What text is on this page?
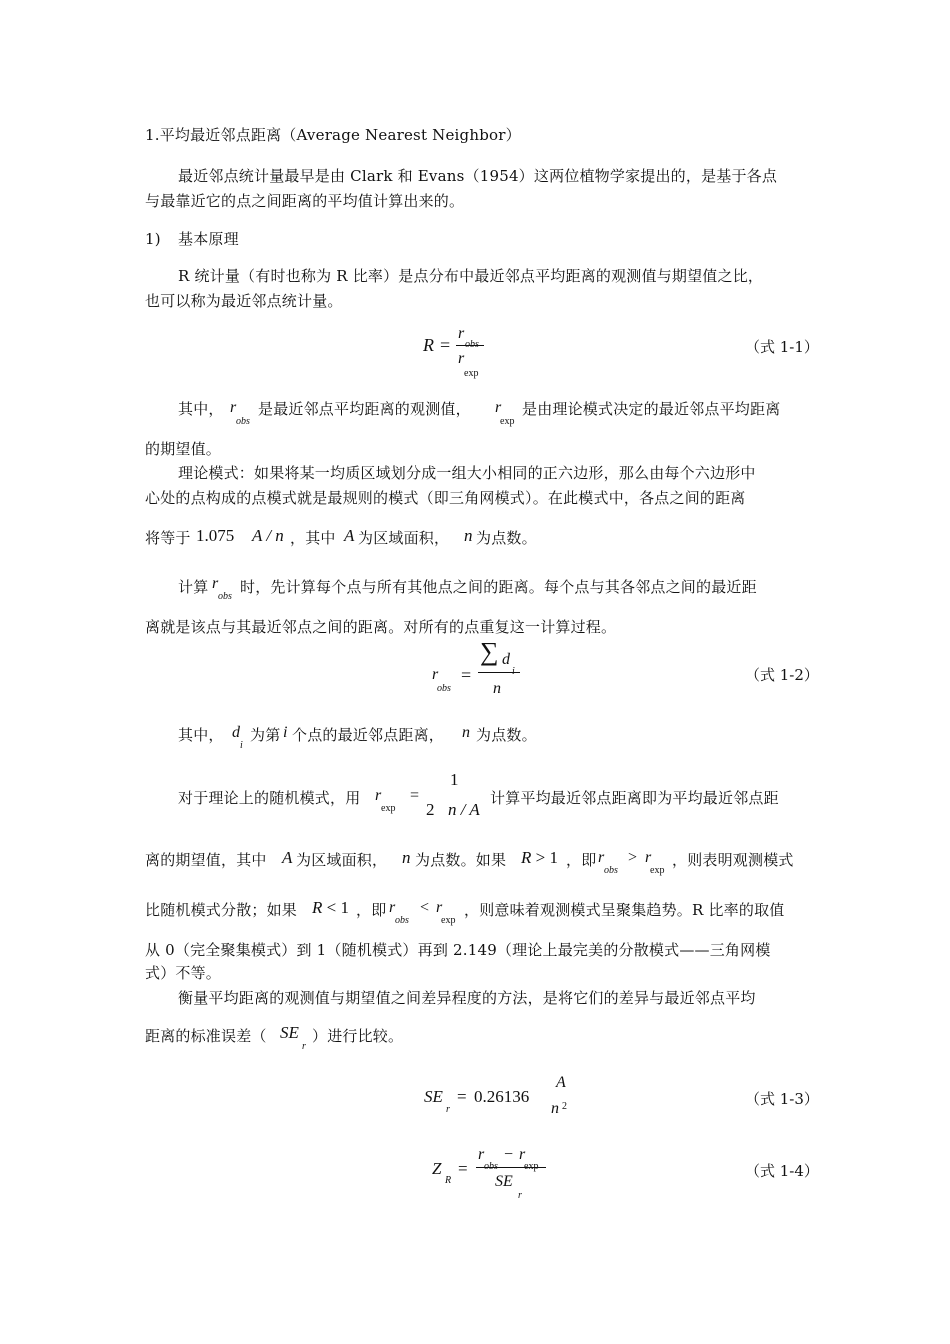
1.平均最近邻点距离（Average Nearest Neighbor）
最近邻点统计量最早是由 Clark 和 Evans（1954）这两位植物学家提出的，是基于各点
与最靠近它的点之间距离的平均值计算出来的。
1) 基本原理
R 统计量（有时也称为 R 比率）是点分布中最近邻点平均距离的观测值与期望值之比，
也可以称为最近邻点统计量。
R =
r
r
exp
（式 1-1）
其中， r
obs
是最近邻点平均距离的观测值， r
exp
是由理论模式决定的最近邻点平均距离
的期望值。
理论模式：如果将某一均质区域划分成一组大小相同的正六边形，那么由每个六边形中
心处的点构成的点模式就是最规则的模式（即三角网模式）。在此模式中，各点之间的距离
将等于 1.075 A / n ，其中 A 为区域面积， n 为点数。
计算 r
obs
时，先计算每个点与所有其他点之间的距离。每个点与其各邻点之间的最近距
离就是该点与其最近邻点之间的距离。对所有的点重复这一计算过程。
r
obs
=
∑ d
n
（式 1-2）
其中， d
i
为第 i 个点的最近邻点距离， n 为点数。
对于理论上的随机模式，用 r
exp
=
1
2 n / A
计算平均最近邻点距离即为平均最近邻点距
离的期望值，其中 A 为区域面积， n 为点数。如果 R > 1 ，即 r
obs
> r
exp
，则表明观测模式
比随机模式分散；如果 R < 1 ，即 r
obs
< r
exp
，则意味着观测模式呈聚集趋势。R 比率的取值
从 0（完全聚集模式）到 1（随机模式）再到 2.149（理论上最完美的分散模式——三角网模
式）不等。
衡量平均距离的观测值与期望值之间差异程度的方法，是将它们的差异与最近邻点平均
距离的标准误差（ SE
r
）进行比较。
SE
r
= 0.26136
A
n 2	（式 1-3）
Z
R
=
r − r
SE
r
（式 1-4）
